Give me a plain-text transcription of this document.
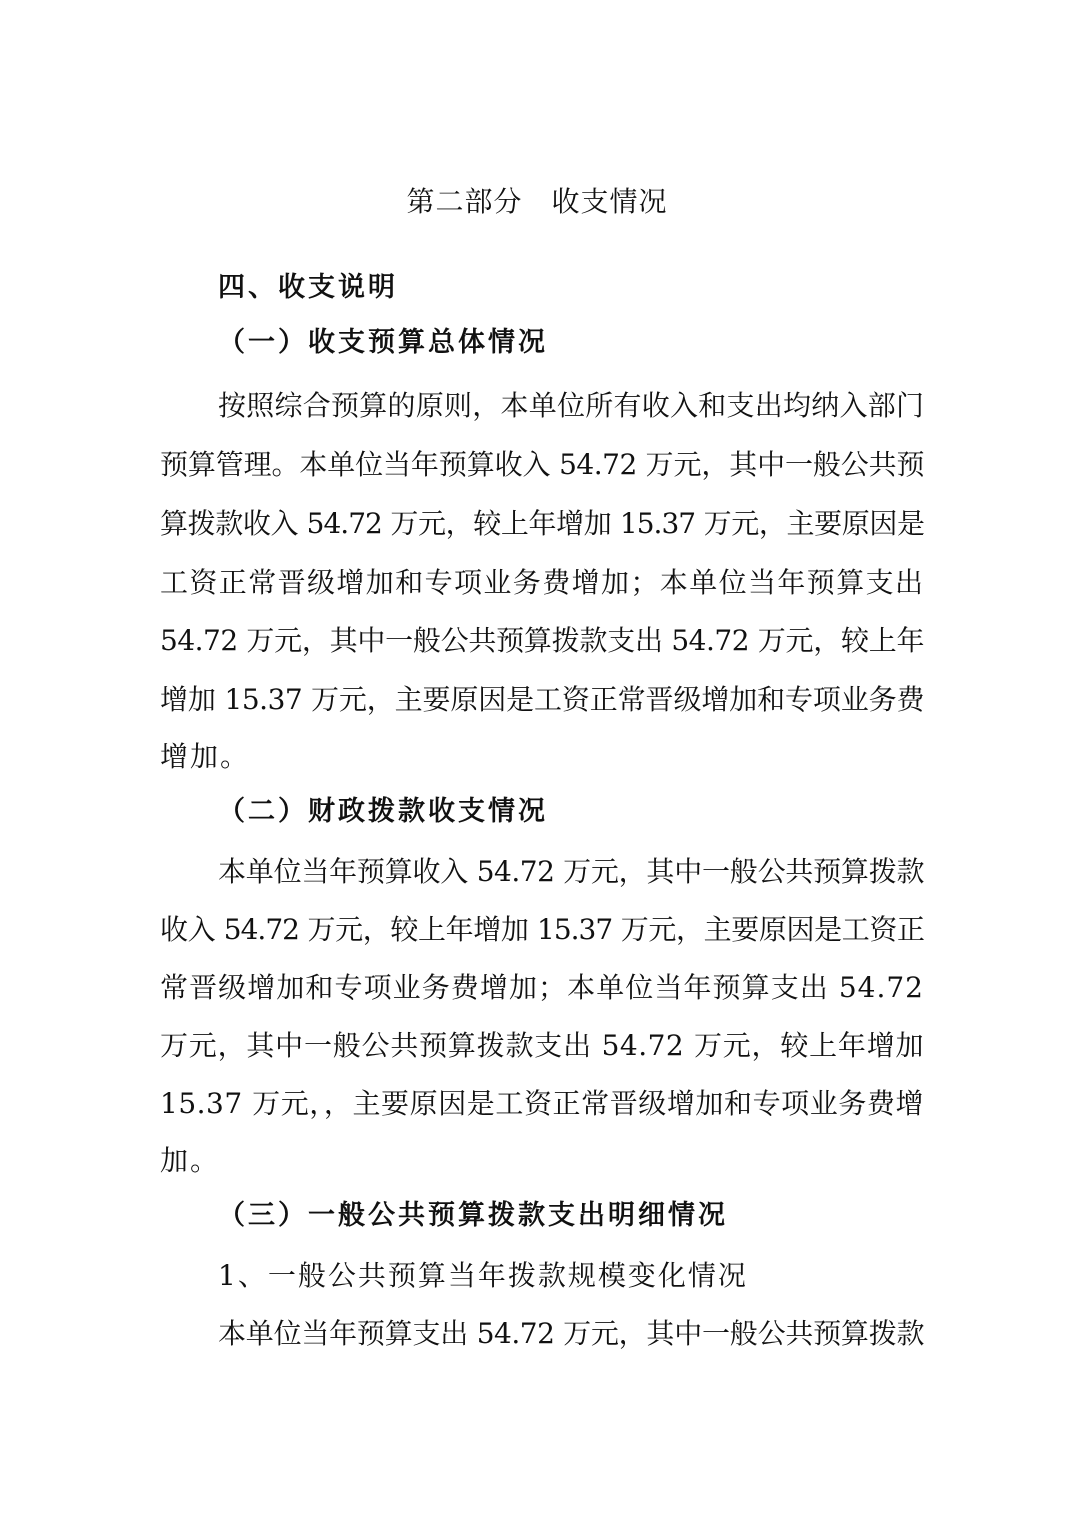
第二部分　收支情况
四、收支说明
（一）收支预算总体情况
按照综合预算的原则，本单位所有收入和支出均纳入部门
预算管理。本单位当年预算收入 54.72 万元，其中一般公共预
算拨款收入 54.72 万元，较上年增加 15.37 万元，主要原因是
工资正常晋级增加和专项业务费增加；本单位当年预算支出
54.72 万元，其中一般公共预算拨款支出 54.72 万元，较上年
增加 15.37 万元，主要原因是工资正常晋级增加和专项业务费
增加。
（二）财政拨款收支情况
本单位当年预算收入 54.72 万元，其中一般公共预算拨款
收入 54.72 万元，较上年增加 15.37 万元，主要原因是工资正
常晋级增加和专项业务费增加；本单位当年预算支出 54.72
万元，其中一般公共预算拨款支出 54.72 万元，较上年增加
15.37 万元，，主要原因是工资正常晋级增加和专项业务费增
加。
（三）一般公共预算拨款支出明细情况
1、一般公共预算当年拨款规模变化情况
本单位当年预算支出 54.72 万元，其中一般公共预算拨款
